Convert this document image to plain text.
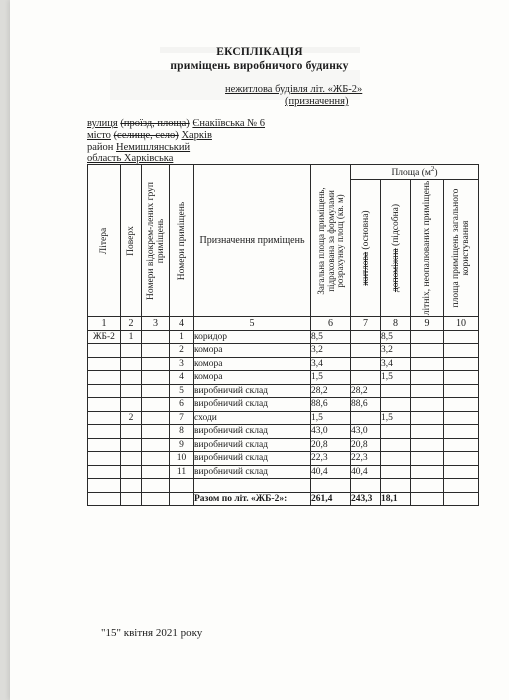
ЕКСПЛІКАЦІЯ
приміщень виробничого будинку
нежитлова будівля літ. «ЖБ-2»
(призначення)
вулиця (проїзд, площа) Єнакіївська № 6
місто (селище, село) Харків
район Немишлянський
область Харківська
Літера	Поверх	Номери відокрем-лених груп приміщень	Номери приміщень	Призначення приміщень	Загальна площа приміщень, підрахована за формулами розрахунку площ (кв. м)	Площа $(м^2)$			

						житлова (основна)	допоміжна (підсобна)	літніх, неопалюваних приміщень	площа приміщень загального користування

1	2	3	4	5	6	7	8	9	10
ЖБ-2	1		1	коридор	8,5		8,5		
			2	комора	3,2		3,2		
			3	комора	3,4		3,4		
			4	комора	1,5		1,5		
			5	виробничий склад	28,2	28,2			
			6	виробничий склад	88,6	88,6			
	2		7	сходи	1,5		1,5		
			8	виробничий склад	43,0	43,0			
			9	виробничий склад	20,8	20,8			
			10	виробничий склад	22,3	22,3			
			11	виробничий склад	40,4	40,4			

				Разом по літ. «ЖБ-2»:	261,4	243,3	18,1		
"15" квітня 2021 року
